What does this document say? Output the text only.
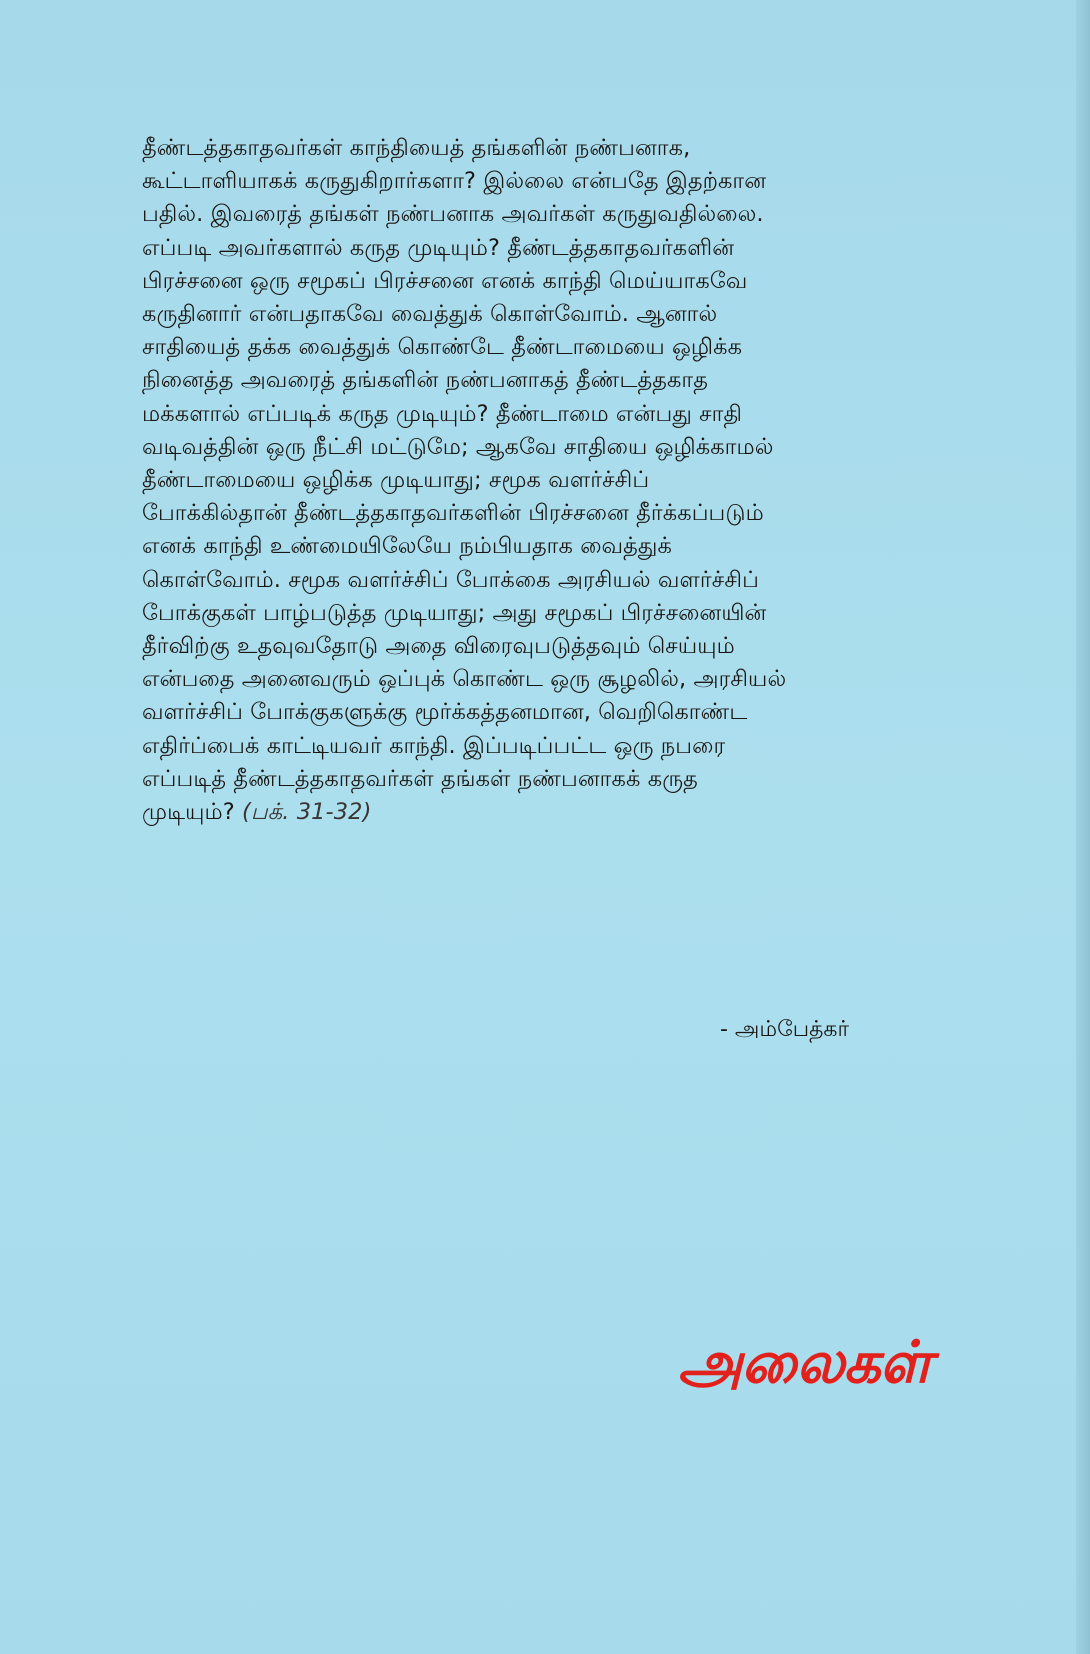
தீண்டத்தகாதவர்கள் காந்தியைத் தங்களின் நண்பனாக,
கூட்டாளியாகக் கருதுகிறார்களா? இல்லை என்பதே இதற்கான
பதில். இவரைத் தங்கள் நண்பனாக அவர்கள் கருதுவதில்லை.
எப்படி அவர்களால் கருத முடியும்? தீண்டத்தகாதவர்களின்
பிரச்சனை ஒரு சமூகப் பிரச்சனை எனக் காந்தி மெய்யாகவே
கருதினார் என்பதாகவே வைத்துக் கொள்வோம். ஆனால்
சாதியைத் தக்க வைத்துக் கொண்டே தீண்டாமையை ஒழிக்க
நினைத்த அவரைத் தங்களின் நண்பனாகத் தீண்டத்தகாத
மக்களால் எப்படிக் கருத முடியும்? தீண்டாமை என்பது சாதி
வடிவத்தின் ஒரு நீட்சி மட்டுமே; ஆகவே சாதியை ஒழிக்காமல்
தீண்டாமையை ஒழிக்க முடியாது; சமூக வளர்ச்சிப்
போக்கில்தான் தீண்டத்தகாதவர்களின் பிரச்சனை தீர்க்கப்படும்
எனக் காந்தி உண்மையிலேயே நம்பியதாக வைத்துக்
கொள்வோம். சமூக வளர்ச்சிப் போக்கை அரசியல் வளர்ச்சிப்
போக்குகள் பாழ்படுத்த முடியாது; அது சமூகப் பிரச்சனையின்
தீர்விற்கு உதவுவதோடு அதை விரைவுபடுத்தவும் செய்யும்
என்பதை அனைவரும் ஒப்புக் கொண்ட ஒரு சூழலில், அரசியல்
வளர்ச்சிப் போக்குகளுக்கு மூர்க்கத்தனமான, வெறிகொண்ட
எதிர்ப்பைக் காட்டியவர் காந்தி. இப்படிப்பட்ட ஒரு நபரை
எப்படித் தீண்டத்தகாதவர்கள் தங்கள் நண்பனாகக் கருத
முடியும்? (பக். 31-32)
- அம்பேத்கர்
அலைகள்
